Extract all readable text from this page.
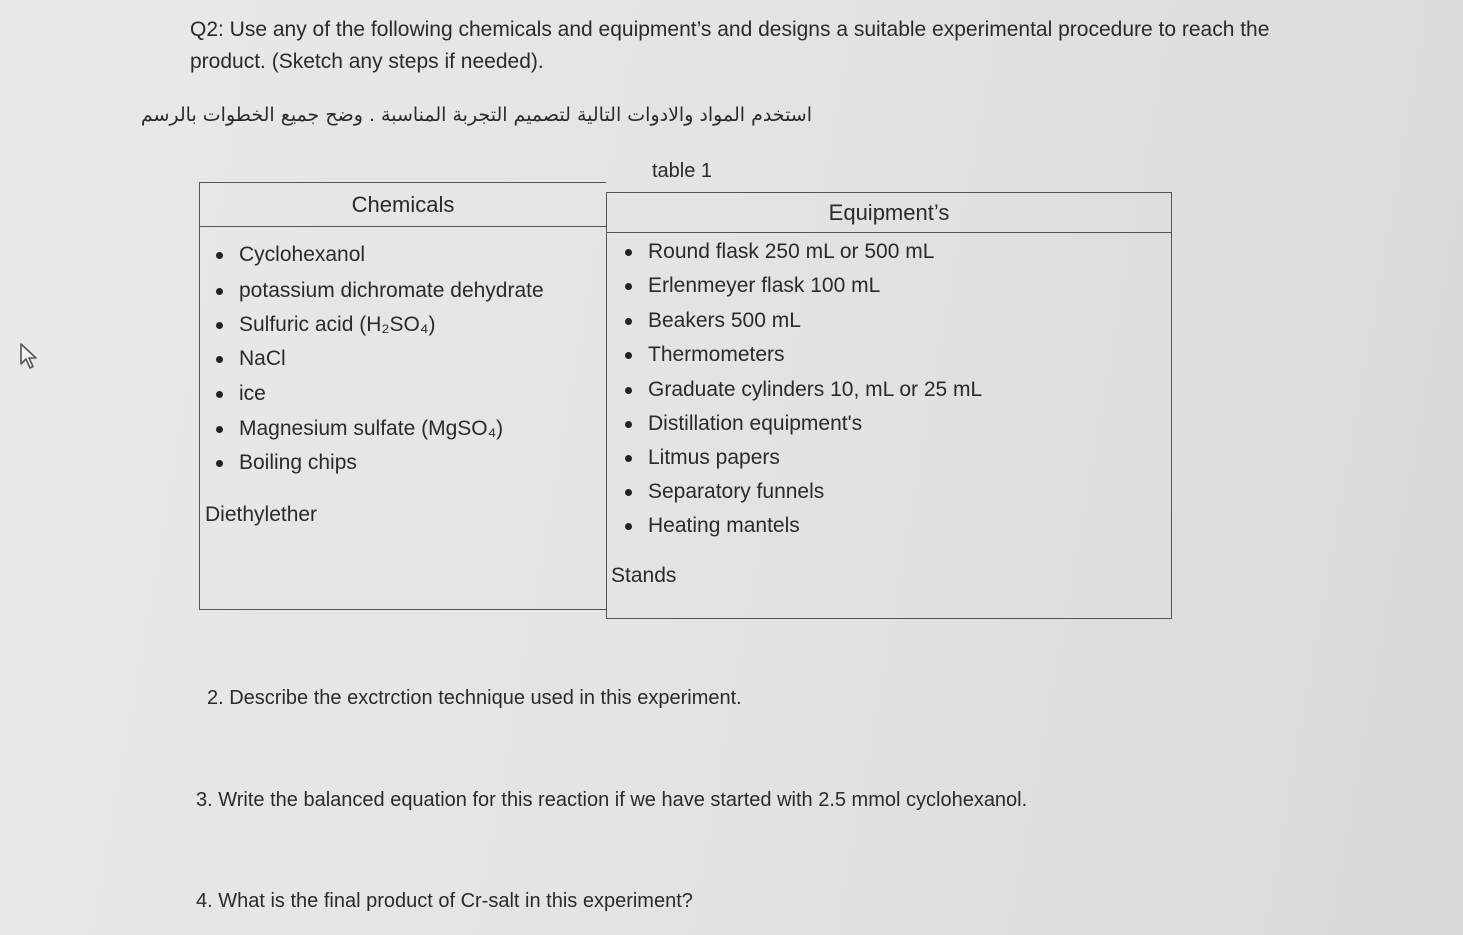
Q2: Use any of the following chemicals and equipment’s and designs a suitable experimental procedure to reach the
product. (Sketch any steps if needed).
استخدم المواد والادوات التالية لتصميم التجربة المناسبة . وضح جميع الخطوات بالرسم
table 1
Chemicals
Cyclohexanol
potassium dichromate dehydrate
Sulfuric acid (H₂SO₄)
NaCl
ice
Magnesium sulfate (MgSO₄)
Boiling chips
Diethylether
Equipment’s
Round flask 250 mL or 500 mL
Erlenmeyer flask 100 mL
Beakers 500 mL
Thermometers
Graduate cylinders 10, mL or 25 mL
Distillation equipment's
Litmus papers
Separatory funnels
Heating mantels
Stands
2. Describe the exctrction technique used in this experiment.
3. Write the balanced equation for this reaction if we have started with 2.5 mmol cyclohexanol.
4. What is the final product of Cr-salt in this experiment?
